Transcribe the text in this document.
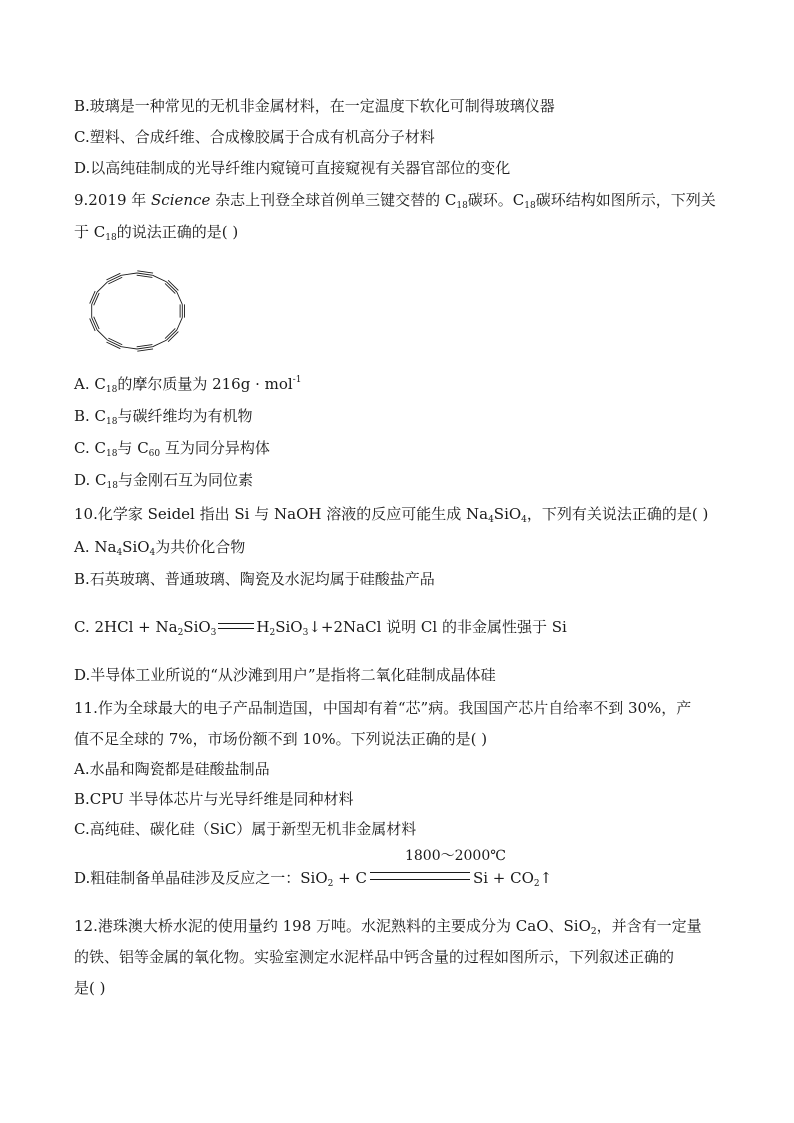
B.玻璃是一种常见的无机非金属材料，在一定温度下软化可制得玻璃仪器
C.塑料、合成纤维、合成橡胶属于合成有机高分子材料
D.以高纯硅制成的光导纤维内窥镜可直接窥视有关器官部位的变化
9.2019 年 Science 杂志上刊登全球首例单三键交替的 $C_{18}$碳环。$C_{18}$碳环结构如图所示，下列关
于 $C_{18}$的说法正确的是( )
A. $C_{18}$的摩尔质量为 216g · mol$^{-1}$
B. $C_{18}$与碳纤维均为有机物
C. $C_{18}$与 $C_{60}$ 互为同分异构体
D. $C_{18}$与金刚石互为同位素
10.化学家 Seidel 指出 Si 与 NaOH 溶液的反应可能生成 $Na_4SiO_4$，下列有关说法正确的是( )
A. $Na_4SiO_4$为共价化合物
B.石英玻璃、普通玻璃、陶瓷及水泥均属于硅酸盐产品
C. $2HCl + Na_2SiO_3$	$H_2SiO_3↓+2NaCl$ 说明 Cl 的非金属性强于 Si
D.半导体工业所说的“从沙滩到用户”是指将二氧化硅制成晶体硅
11.作为全球最大的电子产品制造国，中国却有着“芯”病。我国国产芯片自给率不到 30%，产
值不足全球的 7%，市场份额不到 10%。下列说法正确的是( )
A.水晶和陶瓷都是硅酸盐制品
B.CPU 半导体芯片与光导纤维是同种材料
C.高纯硅、碳化硅（SiC）属于新型无机非金属材料
D.粗硅制备单晶硅涉及反应之一：SiO$_2$ + C
1800～2000℃
$Si + CO_2↑$
12.港珠澳大桥水泥的使用量约 198 万吨。水泥熟料的主要成分为 CaO、SiO$_2$，并含有一定量
的铁、铝等金属的氧化物。实验室测定水泥样品中钙含量的过程如图所示，下列叙述正确的
是( )
